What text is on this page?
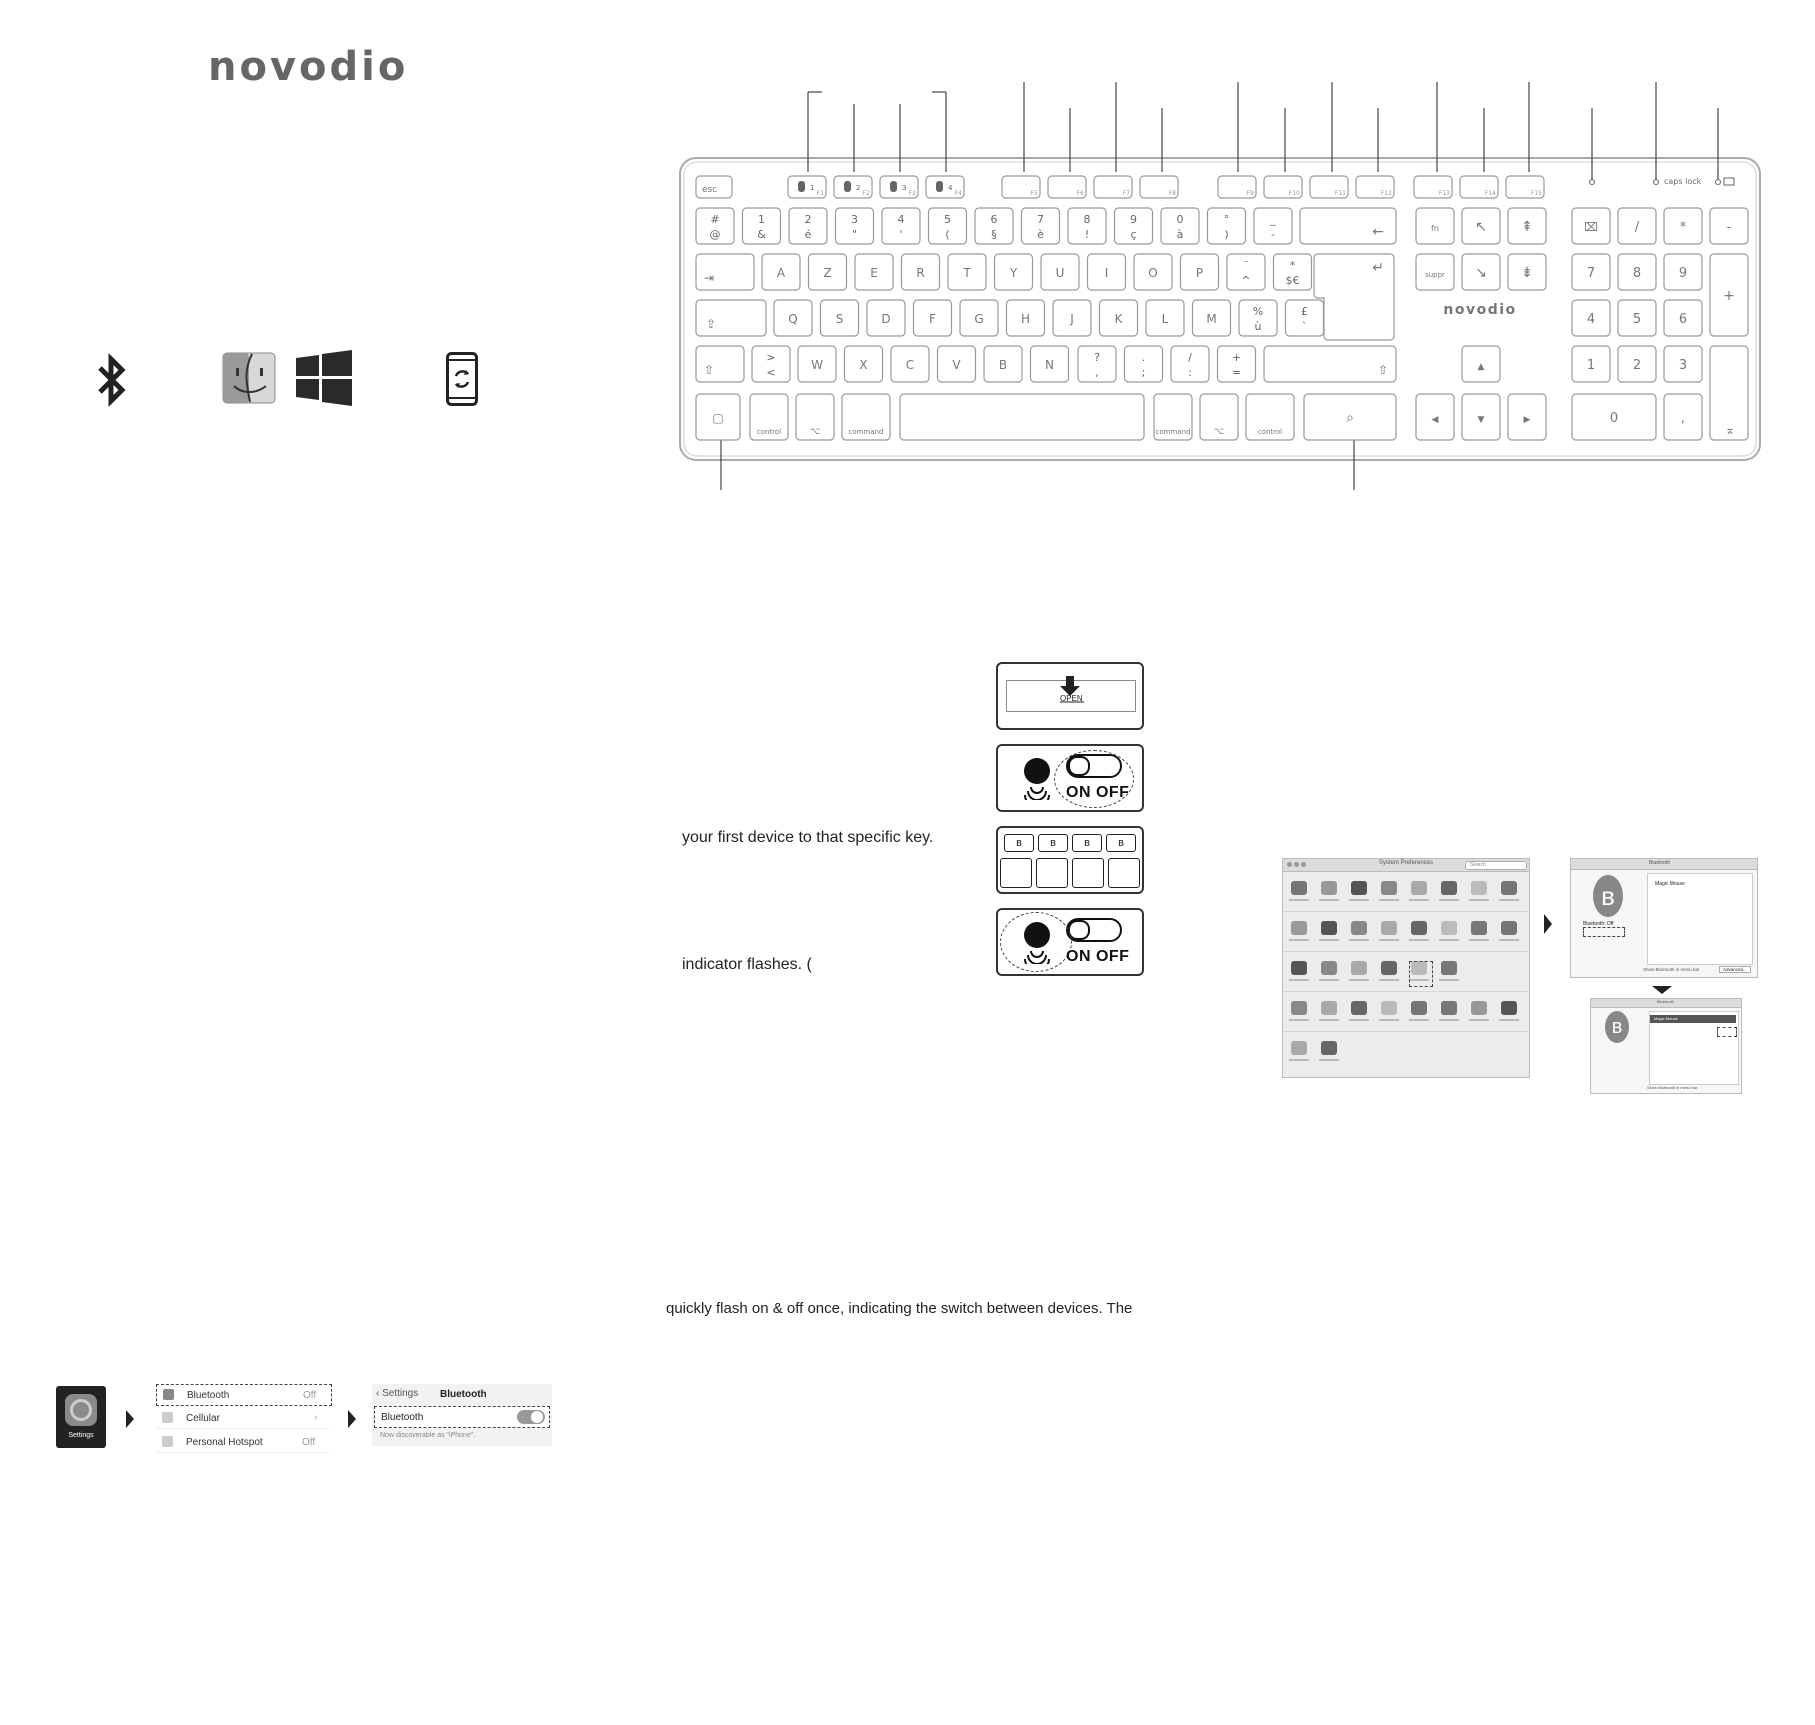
novodio
esc	F1	F2	F3	F4	F5	F6	F7	F8	F9	F10	F11	F12	F13	F14	F15
1	2	3	4
caps lock
#
@
1
&
2
é
3
"
4
'
5
(
6
§
7
è
8
!
9
ç
0
à
°
)
_
-	←	fn	↖ ⇞	⌧	/	*	-
⇥	A	Z	E	R	T	Y	U	I	O	P
¨
^
*
$€
↵	suppr ↘ ⇟	7	8	9
+
⇪	Q	S	D	F	G	H	J	K	L	M
%
ù
£
`
novodio
4	5	6
⇧
>
<
W	X	C	V	B	N
?
,
.
;
/
:
+
=	⇧	▲	1	2	3
⌅
▢
control	⌥	command	command	⌥	control
⌕	◀	▼	▶	0	,
OPEN
ON OFF
ʙ	ʙ	ʙ	ʙ
ON OFF
your first device to that specific key.
indicator flashes. (
quickly flash on & off once, indicating the switch between devices. The
System Preferences	Search	Bluetooth
ʙ
Bluetooth: Off
Magic Mouse
Show Bluetooth in menu bar	Advanced...
Bluetooth
ʙ	Magic Mouse
Show Bluetooth in menu bar
Settings
Bluetooth	Off
Cellular	›
Personal Hotspot	Off
‹ Settings Bluetooth
Bluetooth
Now discoverable as "iPhone".
